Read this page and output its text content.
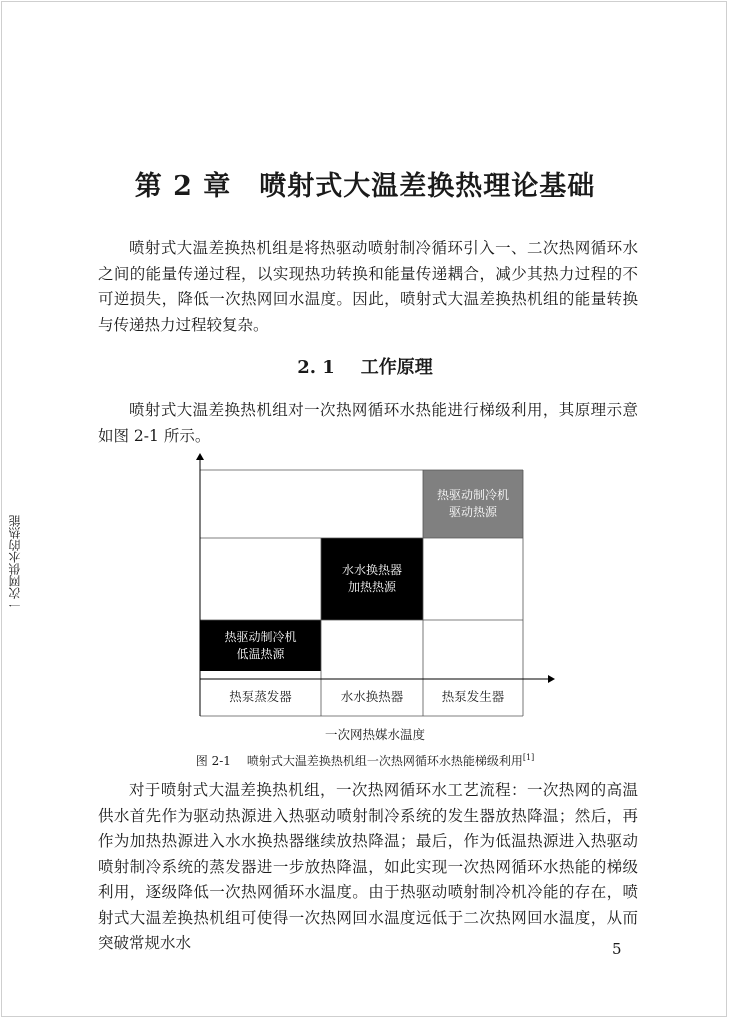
第 2 章 喷射式大温差换热理论基础

喷射式大温差换热机组是将热驱动喷射制冷循环引入一、二次热网循环水之间的能量传递过程，以实现热功转换和能量传递耦合，减少其热力过程的不可逆损失，降低一次热网回水温度。因此，喷射式大温差换热机组的能量转换与传递热力过程较复杂。

2. 1 工作原理

喷射式大温差换热机组对一次热网循环水热能进行梯级利用，其原理示意如图 2-1 所示。

一次网供水的热能
热驱动制冷机
低温热源
水水换热器
加热热源
热驱动制冷机
驱动热源
热泵蒸发器	水水换热器	热泵发生器
一次网热媒水温度
图 2-1 喷射式大温差换热机组一次热网循环水热能梯级利用[1]

对于喷射式大温差换热机组，一次热网循环水工艺流程：一次热网的高温供水首先作为驱动热源进入热驱动喷射制冷系统的发生器放热降温；然后，再作为加热热源进入水水换热器继续放热降温；最后，作为低温热源进入热驱动喷射制冷系统的蒸发器进一步放热降温，如此实现一次热网循环水热能的梯级利用，逐级降低一次热网循环水温度。由于热驱动喷射制冷机冷能的存在，喷射式大温差换热机组可使得一次热网回水温度远低于二次热网回水温度，从而突破常规水水	5
